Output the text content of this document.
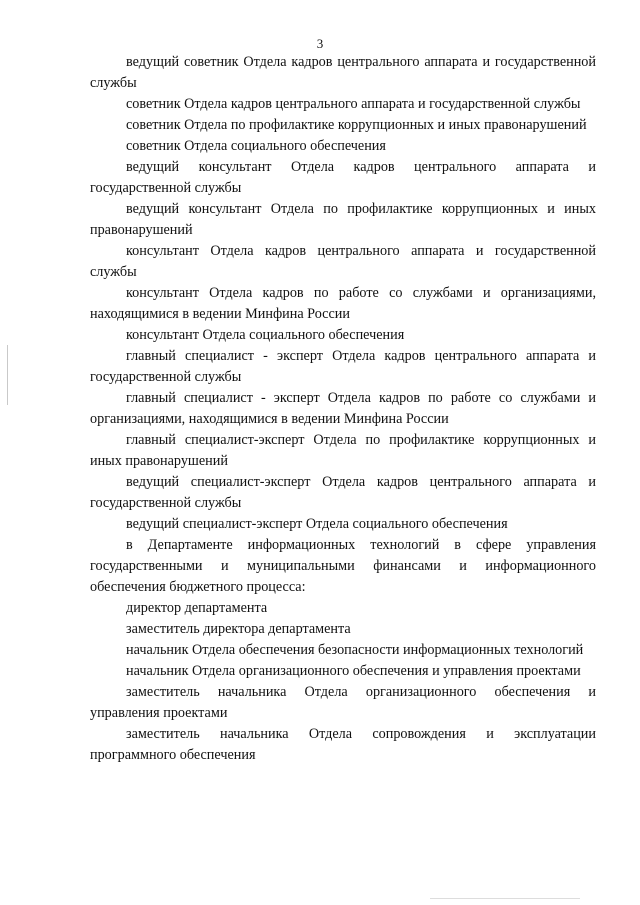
3

ведущий советник Отдела кадров центрального аппарата и государственной службы

советник Отдела кадров центрального аппарата и государственной службы

советник Отдела по профилактике коррупционных и иных правонарушений

советник Отдела социального обеспечения

ведущий консультант Отдела кадров центрального аппарата и государственной службы

ведущий консультант Отдела по профилактике коррупционных и иных правонарушений

консультант Отдела кадров центрального аппарата и государственной службы

консультант Отдела кадров по работе со службами и организациями, находящимися в ведении Минфина России

консультант Отдела социального обеспечения

главный специалист - эксперт Отдела кадров центрального аппарата и государственной службы

главный специалист - эксперт Отдела кадров по работе со службами и организациями, находящимися в ведении Минфина России

главный специалист-эксперт Отдела по профилактике коррупционных и иных правонарушений

ведущий специалист-эксперт Отдела кадров центрального аппарата и государственной службы

ведущий специалист-эксперт Отдела социального обеспечения

в Департаменте информационных технологий в сфере управления государственными и муниципальными финансами и информационного обеспечения бюджетного процесса:

директор департамента

заместитель директора департамента

начальник Отдела обеспечения безопасности информационных технологий

начальник Отдела организационного обеспечения и управления проектами

заместитель начальника Отдела организационного обеспечения и управления проектами

заместитель начальника Отдела сопровождения и эксплуатации программного обеспечения
